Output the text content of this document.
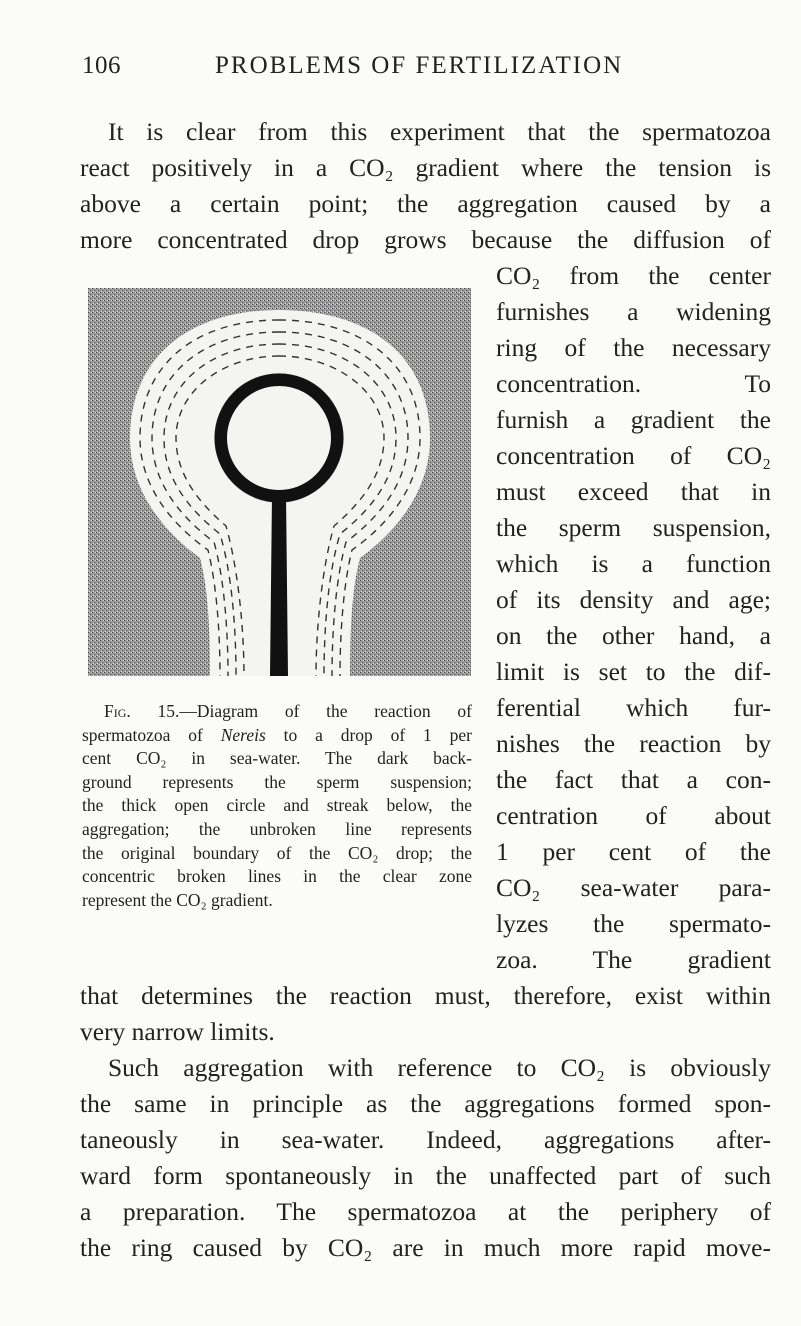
106	PROBLEMS OF FERTILIZATION
It is clear from this experiment that the spermatozoa
react positively in a CO₂ gradient where the tension is
above a certain point; the aggregation caused by a
more concentrated drop grows because the diffusion of
CO₂ from the center
furnishes a widening
ring of the necessary
concentration. To
furnish a gradient the
concentration of CO₂
must exceed that in
the sperm suspension,
which is a function
of its density and age;
on the other hand, a
limit is set to the dif-
ferential which fur-
nishes the reaction by
the fact that a con-
centration of about
1 per cent of the
CO₂ sea-water para-
lyzes the spermato-
zoa. The gradient
that determines the reaction must, therefore, exist within
very narrow limits.
Such aggregation with reference to CO₂ is obviously
the same in principle as the aggregations formed spon-
taneously in sea-water. Indeed, aggregations after-
ward form spontaneously in the unaffected part of such
a preparation. The spermatozoa at the periphery of
the ring caused by CO₂ are in much more rapid move-
Fig. 15.—Diagram of the reaction of
spermatozoa of Nereis to a drop of 1 per
cent CO₂ in sea-water. The dark back-
ground represents the sperm suspension;
the thick open circle and streak below, the
aggregation; the unbroken line represents
the original boundary of the CO₂ drop; the
concentric broken lines in the clear zone
represent the CO₂ gradient.
